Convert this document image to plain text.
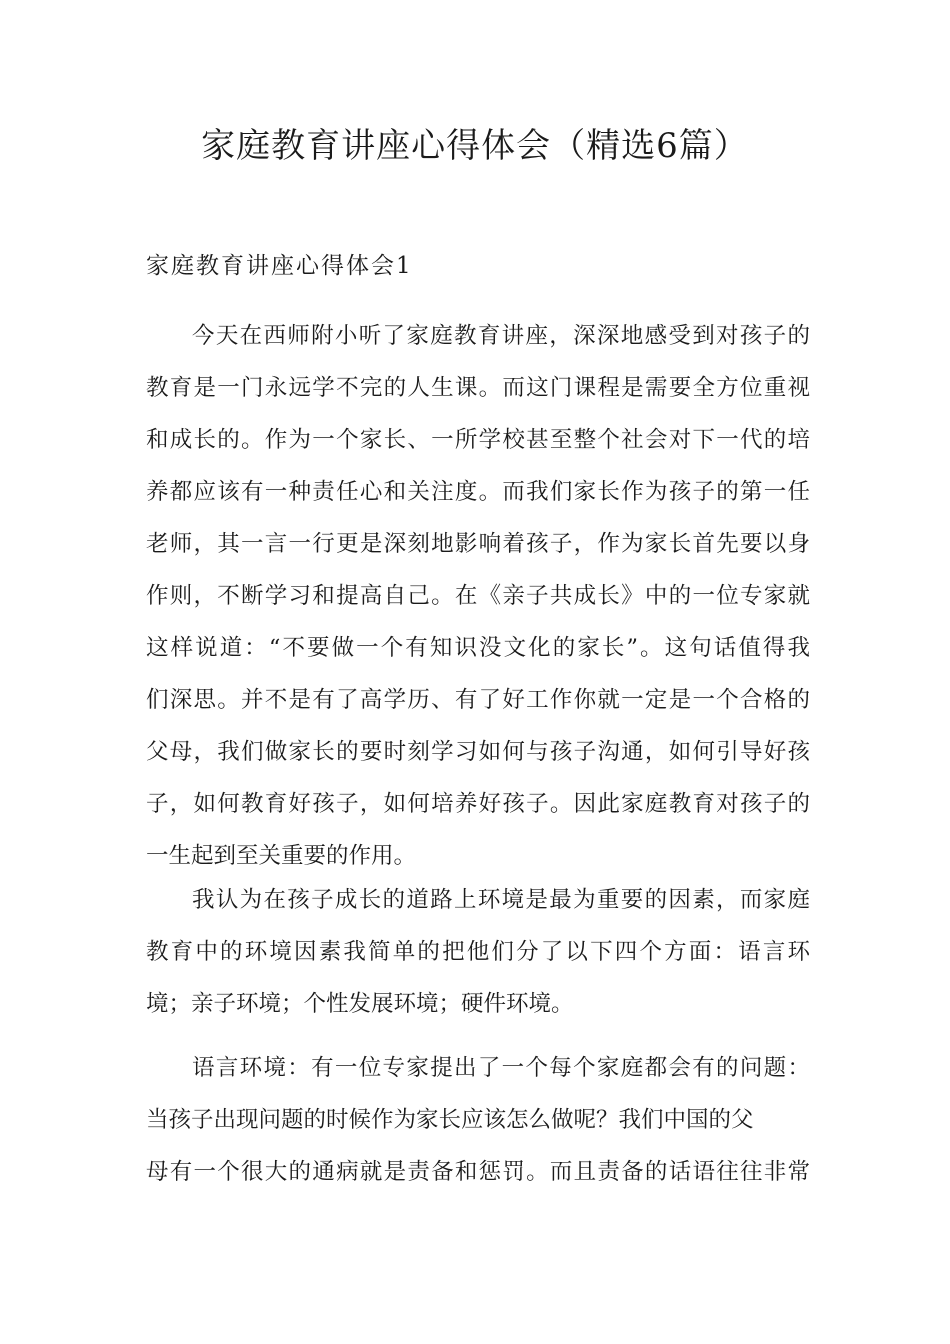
家庭教育讲座心得体会（精选6篇）
家庭教育讲座心得体会1
今天在西师附小听了家庭教育讲座，深深地感受到对孩子的
教育是一门永远学不完的人生课。而这门课程是需要全方位重视
和成长的。作为一个家长、一所学校甚至整个社会对下一代的培
养都应该有一种责任心和关注度。而我们家长作为孩子的第一任
老师，其一言一行更是深刻地影响着孩子，作为家长首先要以身
作则，不断学习和提高自己。在《亲子共成长》中的一位专家就
这样说道：“不要做一个有知识没文化的家长”。这句话值得我
们深思。并不是有了高学历、有了好工作你就一定是一个合格的
父母，我们做家长的要时刻学习如何与孩子沟通，如何引导好孩
子，如何教育好孩子，如何培养好孩子。因此家庭教育对孩子的
一生起到至关重要的作用。
我认为在孩子成长的道路上环境是最为重要的因素，而家庭
教育中的环境因素我简单的把他们分了以下四个方面：语言环
境；亲子环境；个性发展环境；硬件环境。
语言环境：有一位专家提出了一个每个家庭都会有的问题：
当孩子出现问题的时候作为家长应该怎么做呢？我们中国的父
母有一个很大的通病就是责备和惩罚。而且责备的话语往往非常
